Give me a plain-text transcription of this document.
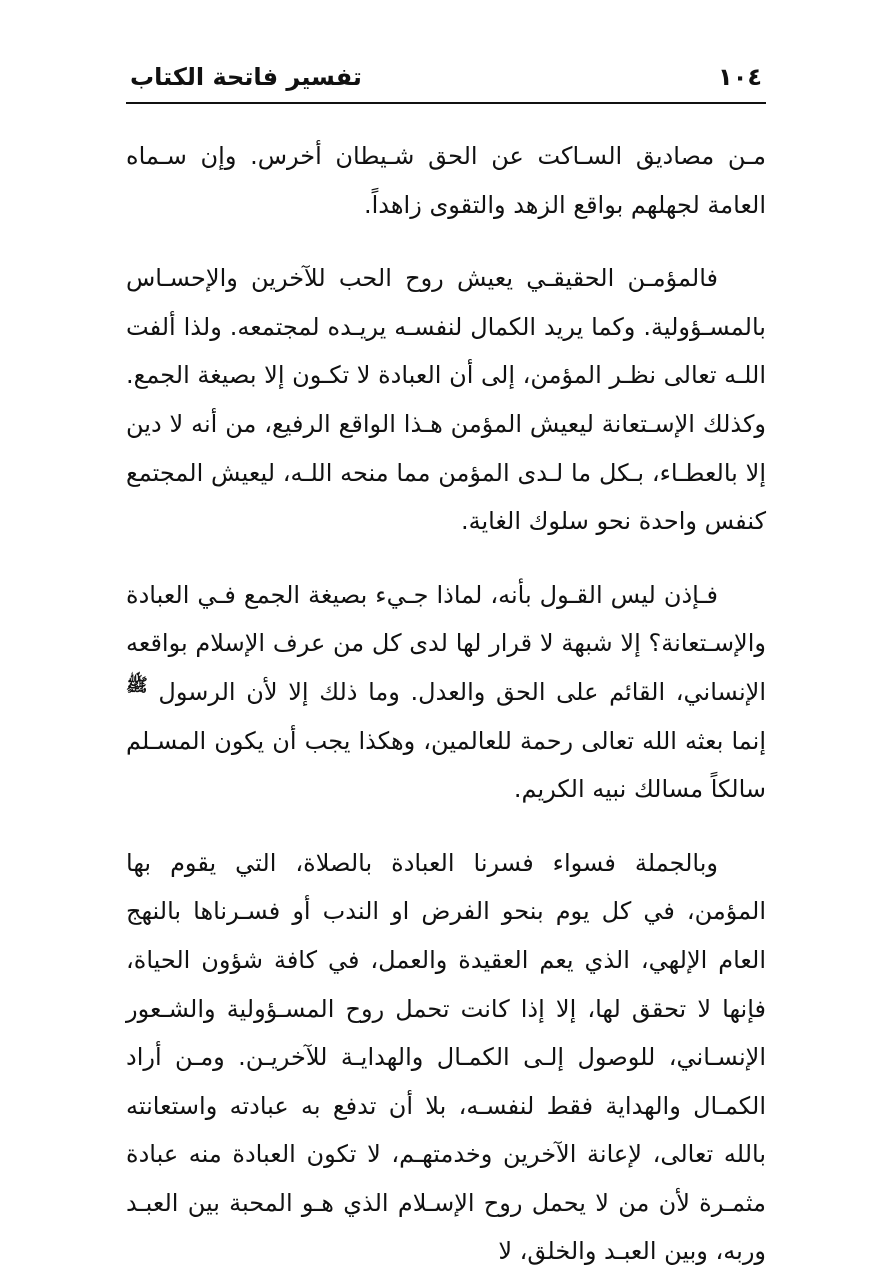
١٠٤
تفسير فاتحة الكتاب

مـن مصاديق السـاكت عن الحق شـيطان أخرس. وإن سـماه العامة لجهلهم بواقع الزهد والتقوى زاهداً.

فالمؤمـن الحقيقـي يعيش روح الحب للآخرين والإحسـاس بالمسـؤولية. وكما يريد الكمال لنفسـه يريـده لمجتمعه. ولذا ألفت اللـه تعالى نظـر المؤمن، إلى أن العبادة لا تكـون إلا بصيغة الجمع. وكذلك الإسـتعانة ليعيش المؤمن هـذا الواقع الرفيع، من أنه لا دين إلا بالعطـاء، بـكل ما لـدى المؤمن مما منحه اللـه، ليعيش المجتمع كنفس واحدة نحو سلوك الغاية.

فـإذن ليس القـول بأنه، لماذا جـيء بصيغة الجمع فـي العبادة والإسـتعانة؟ إلا شبهة لا قرار لها لدى كل من عرف الإسلام بواقعه الإنساني، القائم على الحق والعدل. وما ذلك إلا لأن الرسول $^ﷺ$ إنما بعثه الله تعالى رحمة للعالمين، وهكذا يجب أن يكون المسـلم سالكاً مسالك نبيه الكريم.

وبالجملة فسواء فسرنا العبادة بالصلاة، التي يقوم بها المؤمن، في كل يوم بنحو الفرض او الندب أو فسـرناها بالنهج العام الإلهي، الذي يعم العقيدة والعمل، في كافة شؤون الحياة، فإنها لا تحقق لها، إلا إذا كانت تحمل روح المسـؤولية والشـعور الإنسـاني، للوصول إلـى الكمـال والهدايـة للآخريـن. ومـن أراد الكمـال والهداية فقط لنفسـه، بلا أن تدفع به عبادته واستعانته بالله تعالى، لإعانة الآخرين وخدمتهـم، لا تكون العبادة منه عبادة مثمـرة لأن من لا يحمل روح الإسـلام الذي هـو المحبة بين العبـد وربه، وبين العبـد والخلق، لا
